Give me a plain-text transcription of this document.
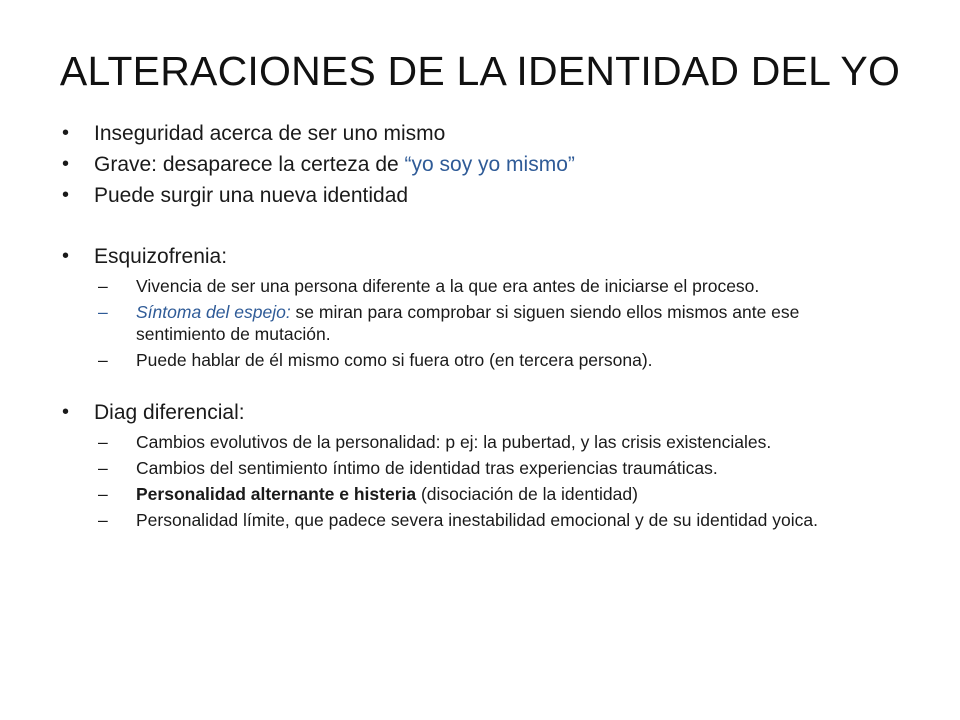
ALTERACIONES DE LA IDENTIDAD DEL YO
• Inseguridad acerca de ser uno mismo
• Grave: desaparece la certeza de “yo soy yo mismo”
• Puede surgir una nueva identidad
• Esquizofrenia:
– Vivencia de ser una persona diferente a la que era antes de iniciarse el proceso.
– Síntoma del espejo: se miran para comprobar si siguen siendo ellos mismos ante ese sentimiento de mutación.
– Puede hablar de él mismo como si fuera otro (en tercera persona).
• Diag diferencial:
– Cambios evolutivos de la personalidad: p ej: la pubertad, y las crisis existenciales.
– Cambios del sentimiento íntimo de identidad tras experiencias traumáticas.
– Personalidad alternante e histeria (disociación de la identidad)
– Personalidad límite, que padece severa inestabilidad emocional y de su identidad yoica.
